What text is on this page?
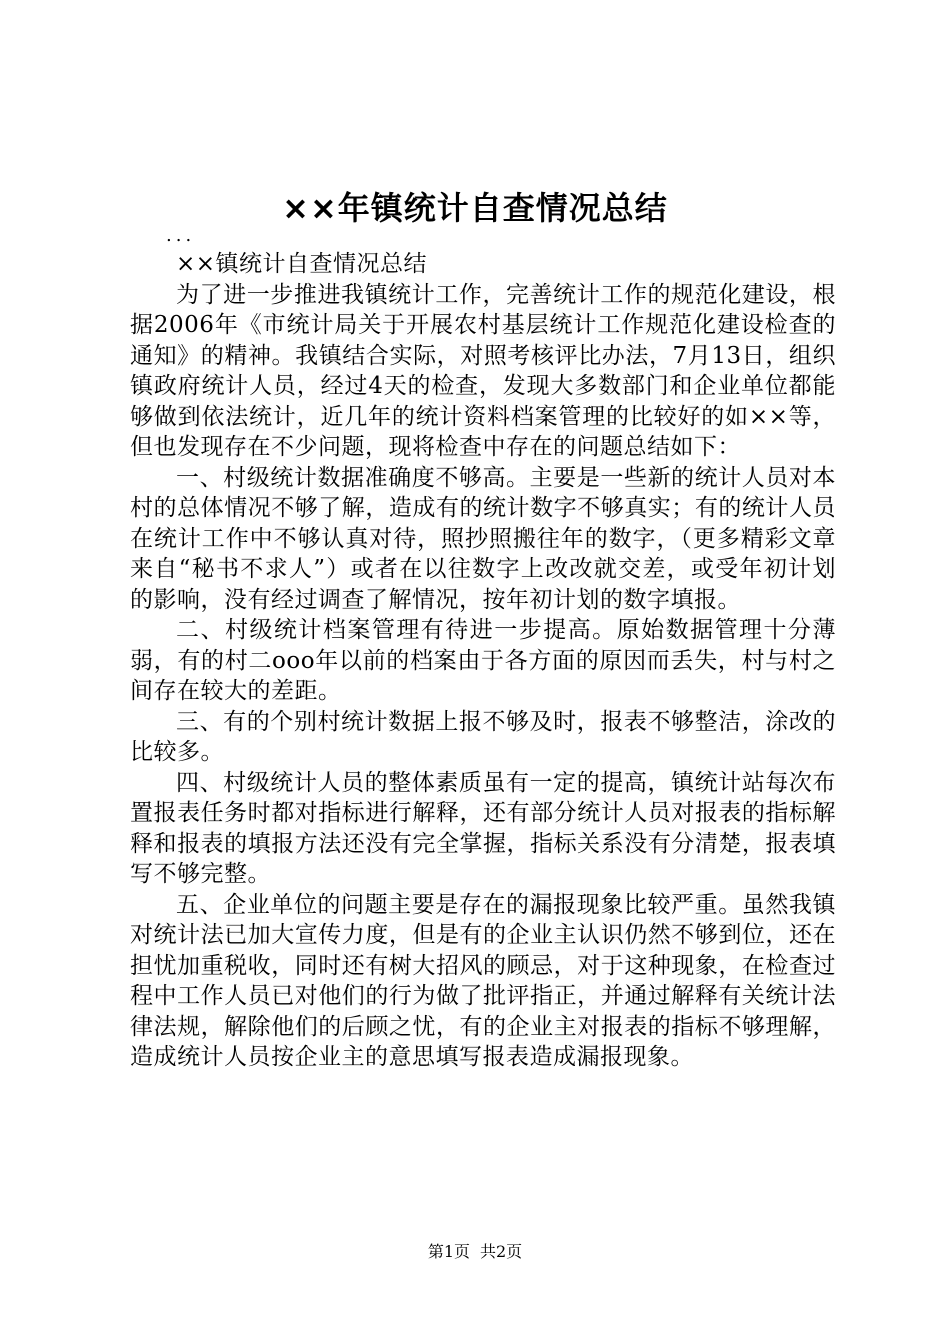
××年镇统计自查情况总结

...

××镇统计自查情况总结

为了进一步推进我镇统计工作，完善统计工作的规范化建设，根据2006年《市统计局关于开展农村基层统计工作规范化建设检查的通知》的精神。我镇结合实际，对照考核评比办法，7月13日，组织镇政府统计人员，经过4天的检查，发现大多数部门和企业单位都能够做到依法统计，近几年的统计资料档案管理的比较好的如××等，但也发现存在不少问题，现将检查中存在的问题总结如下：

一、村级统计数据准确度不够高。主要是一些新的统计人员对本村的总体情况不够了解，造成有的统计数字不够真实；有的统计人员在统计工作中不够认真对待，照抄照搬往年的数字，（更多精彩文章来自“秘书不求人”）或者在以往数字上改改就交差，或受年初计划的影响，没有经过调查了解情况，按年初计划的数字填报。

二、村级统计档案管理有待进一步提高。原始数据管理十分薄弱，有的村二ooo年以前的档案由于各方面的原因而丢失，村与村之间存在较大的差距。

三、有的个别村统计数据上报不够及时，报表不够整洁，涂改的比较多。

四、村级统计人员的整体素质虽有一定的提高，镇统计站每次布置报表任务时都对指标进行解释，还有部分统计人员对报表的指标解释和报表的填报方法还没有完全掌握，指标关系没有分清楚，报表填写不够完整。

五、企业单位的问题主要是存在的漏报现象比较严重。虽然我镇对统计法已加大宣传力度，但是有的企业主认识仍然不够到位，还在担忧加重税收，同时还有树大招风的顾忌，对于这种现象，在检查过程中工作人员已对他们的行为做了批评指正，并通过解释有关统计法律法规，解除他们的后顾之忧，有的企业主对报表的指标不够理解，造成统计人员按企业主的意思填写报表造成漏报现象。

第1页 共2页
